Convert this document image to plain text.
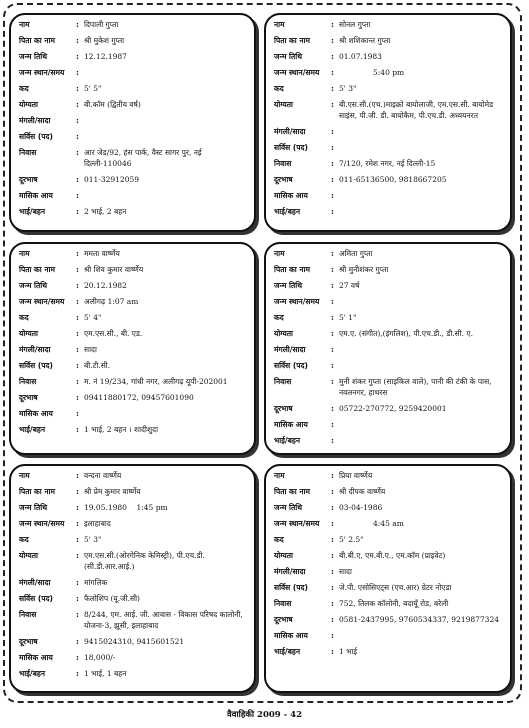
नाम	: दिपाली गुप्ता
पिता का नाम	: श्री मुकेश गुप्ता
जन्म तिथि	: 12.12.1987
जन्म स्थान/समय	:
कद	: 5' 5"
योग्यता	: बी.कॉम (द्वितीय वर्ष)
मंगली/सादा	:
सर्विस (पद)	:
निवास	: आर जेड/92, हंस पार्क, वैस्ट सागर पुर, नई दिल्ली-110046
दूरभाष	: 011-32912059
मासिक आय	:
भाई/बहन	: 2 भाई, 2 बहन
नाम	: सोनल गुप्ता
पिता का नाम	: श्री शशिकान्त गुप्ता
जन्म तिथि	: 01.07.1983
जन्म स्थान/समय	:	5:40 pm
कद	: 5' 3"
योग्यता	: बी.एस.सी.(एच.)माइक्रो बायोलाजी, एम.एस.सी. बायोमेड साइंस, पी.जी. डी. बायोकैम, पी.एच.डी. अध्ययनरत
मंगली/सादा	:
सर्विस (पद)	:
निवास	: 7/120, रमेश नगर, नई दिल्ली-15
दूरभाष	: 011-65136500, 9818667205
मासिक आय	:
भाई/बहन	:
नाम	: ममता वार्ष्णेय
पिता का नाम	: श्री शिव कुमार वार्ष्णेय
जन्म तिथि	: 20.12.1982
जन्म स्थान/समय	: अलीगढ़ 1:07 am
कद	: 5' 4"
योग्यता	: एम.एस.सी., बी. एड.
मंगली/सादा	: सादा
सर्विस (पद)	: बी.टी.सी.
निवास	: म. नं 19/234, गांधी नगर, अलीगढ़ यूपी-202001
दूरभाष	: 09411880172, 09457601090
मासिक आय	:
भाई/बहन	: 1 भाई, 2 बहन । शादीशुदा
नाम	: अमिता गुप्ता
पिता का नाम	: श्री मुनीशंकर गुप्ता
जन्म तिथि	: 27 वर्ष
जन्म स्थान/समय	:
कद	: 5' 1"
योग्यता	: एम.ए. (संगीत),(इंगलिश), पी.एच.डी., डी.सी. ए.
मंगली/सादा	:
सर्विस (पद)	:
निवास	: मुनी शंकर गुप्ता (साइकिल वाले), पानी की टंकी के पास, नवलनगर, हाथरस
दूरभाष	: 05722-270772, 9259420001
मासिक आय	:
भाई/बहन	:
नाम	: वन्दना वार्ष्णेय
पिता का नाम	: श्री प्रेम कुमार वार्ष्णेय
जन्म तिथि	: 19.05.1980    1:45 pm
जन्म स्थान/समय	: इलाहाबाद
कद	: 5' 3"
योग्यता	: एम.एस.सी.(ओरगेनिक केमिस्ट्री), पी.एच.डी. (सी.डी.आर.आई.)
मंगली/सादा	: मांगलिक
सर्विस (पद)	: फैलोशिप (यू.जी.सी)
निवास	: 8/244, एम. आई. जी. आवास - विकास परिषद कालोनी, योजना-3, झूसी, इलाहाबाद
दूरभाष	: 9415024310, 9415601521
मासिक आय	: 18,000/-
भाई/बहन	: 1 भाई, 1 बहन
नाम	: प्रिया वार्ष्णेय
पिता का नाम	: श्री दीपक वार्ष्णेय
जन्म तिथि	: 03-04-1986
जन्म स्थान/समय	:	4:45 am
कद	: 5' 2.5"
योग्यता	: बी.बी.ए, एम.बी.ए., एम.कॉम (प्राइवेट)
मंगली/सादा	: सादा
सर्विस (पद)	: जे.पी. एसोसिएट्स (एच.आर) ग्रेटर नोएडा
निवास	: 752, तिलक कॉलोनी, बदायूँ रोड, बरेली
दूरभाष	: 0581-2437995, 9760534337, 9219877324
मासिक आय	:
भाई/बहन	: 1 भाई
वैवाहिकी 2009 - 42
